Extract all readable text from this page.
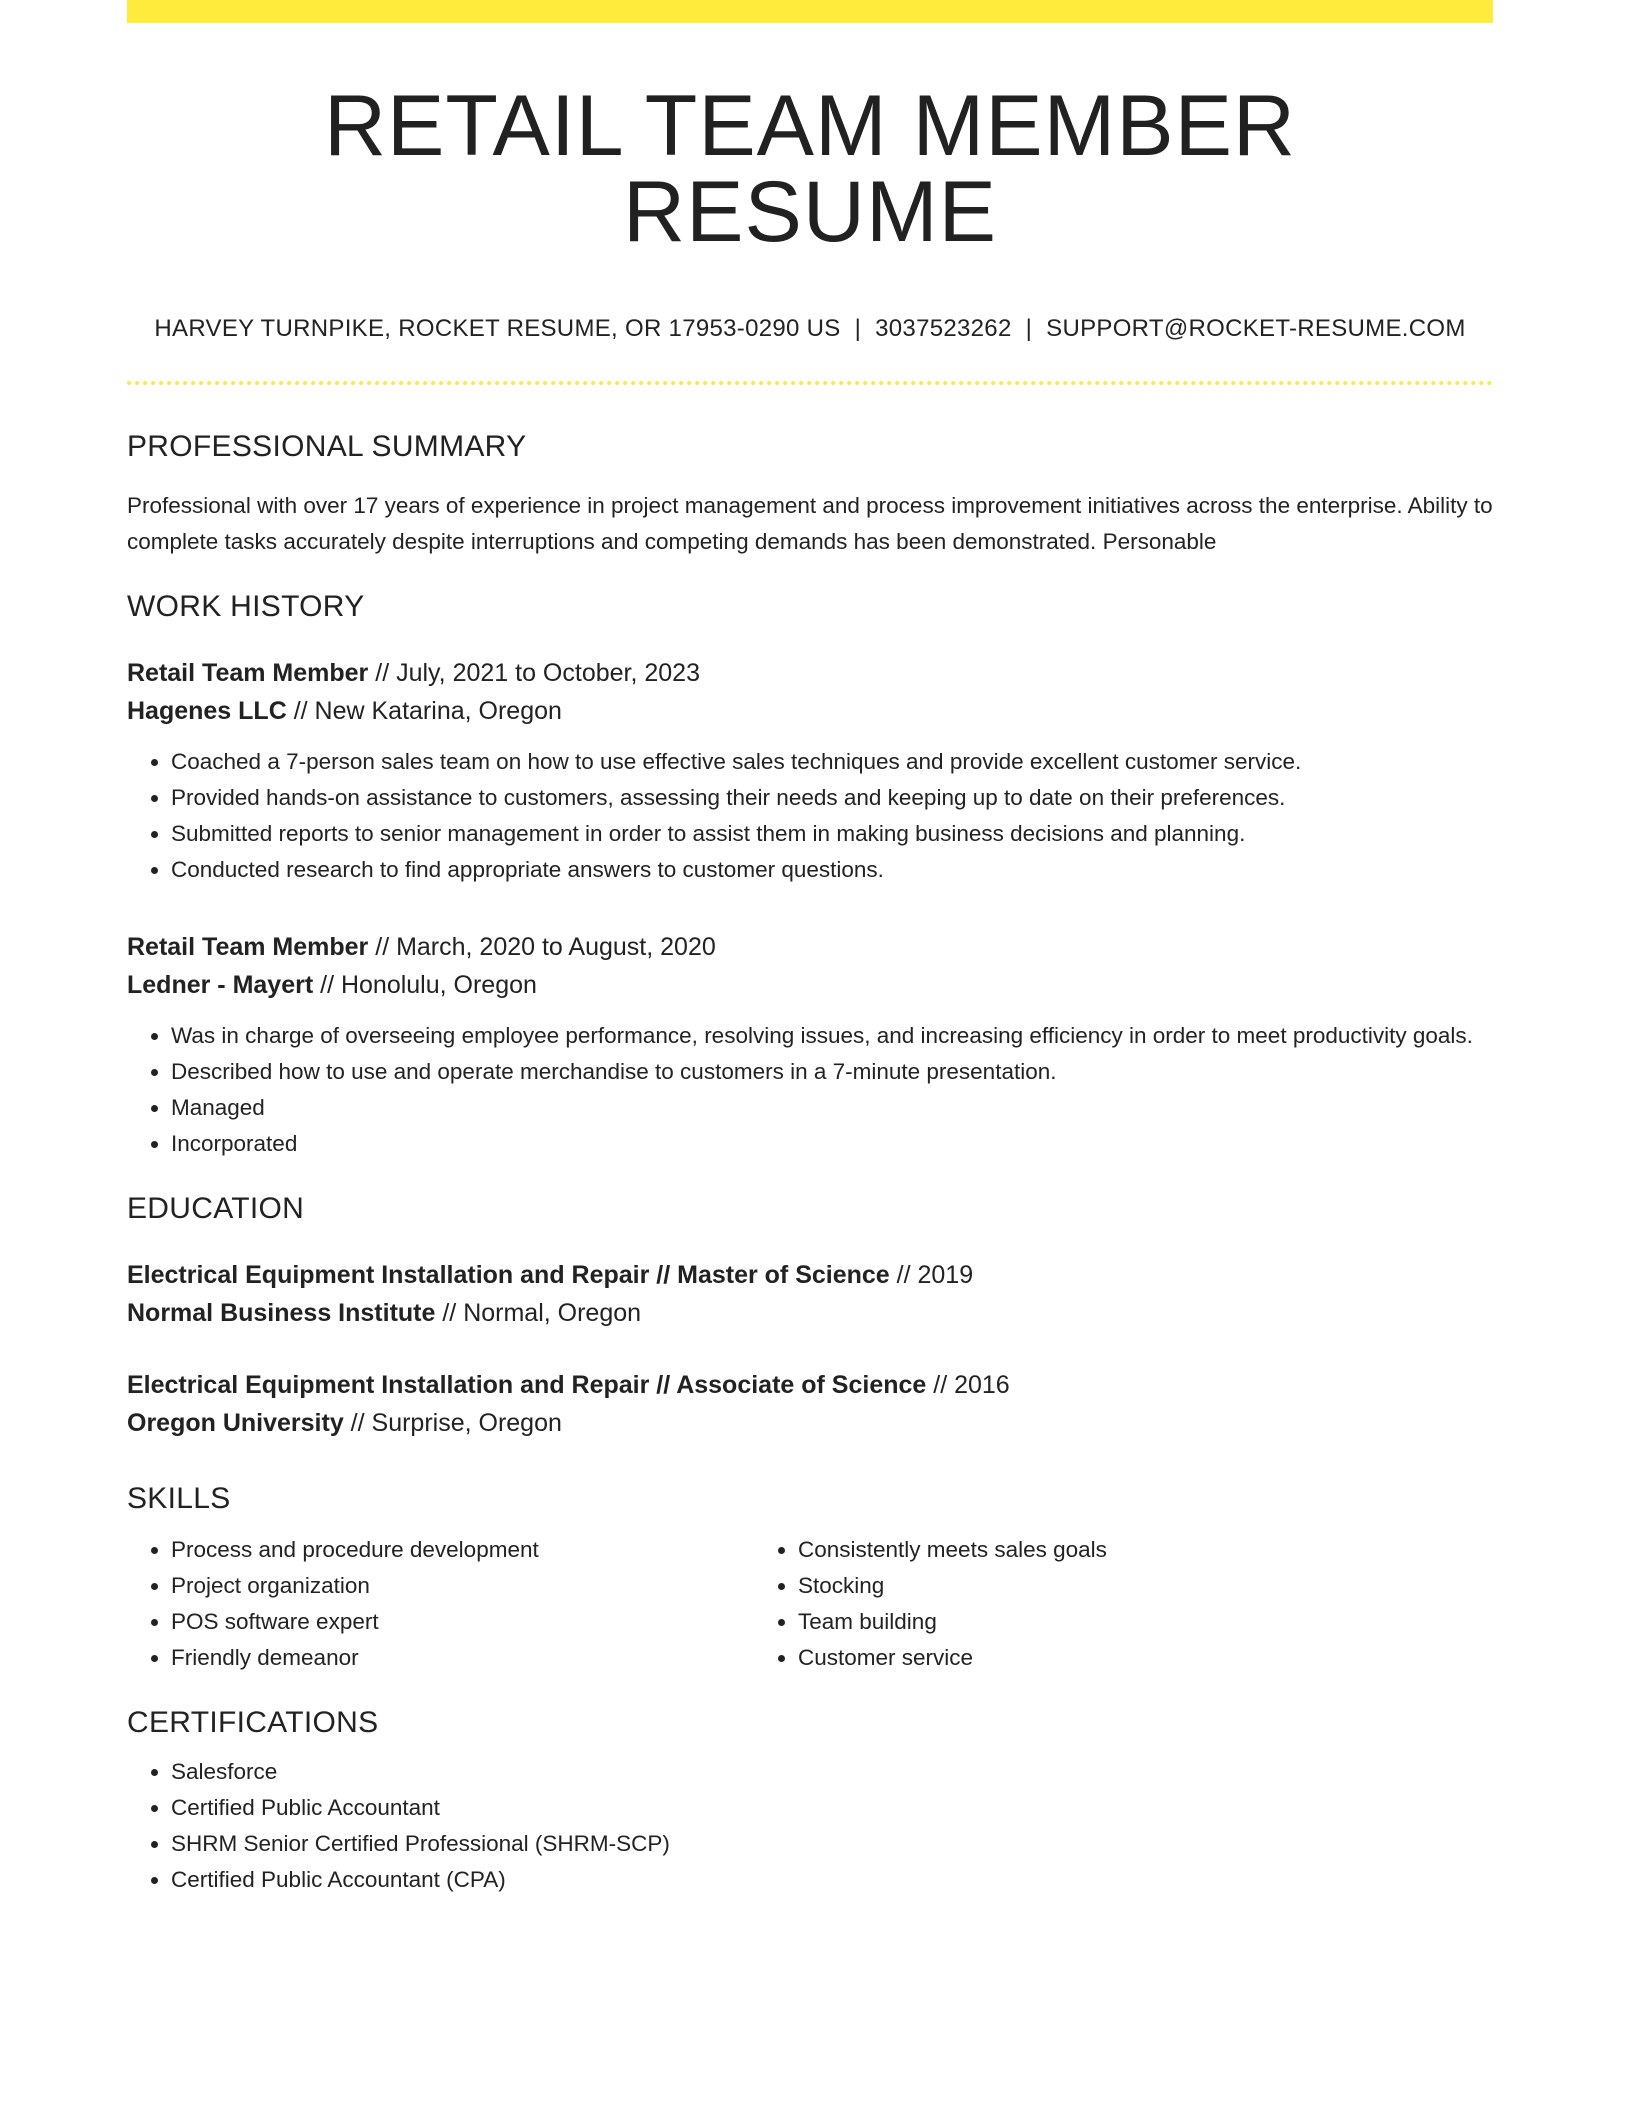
RETAIL TEAM MEMBER RESUME
HARVEY TURNPIKE, ROCKET RESUME, OR 17953-0290 US | 3037523262 | SUPPORT@ROCKET-RESUME.COM
PROFESSIONAL SUMMARY

Professional with over 17 years of experience in project management and process improvement initiatives across the enterprise. Ability to complete tasks accurately despite interruptions and competing demands has been demonstrated. Personable

WORK HISTORY
Retail Team Member // July, 2021 to October, 2023
Hagenes LLC // New Katarina, Oregon
• Coached a 7-person sales team on how to use effective sales techniques and provide excellent customer service.
• Provided hands-on assistance to customers, assessing their needs and keeping up to date on their preferences.
• Submitted reports to senior management in order to assist them in making business decisions and planning.
• Conducted research to find appropriate answers to customer questions.
Retail Team Member // March, 2020 to August, 2020
Ledner - Mayert // Honolulu, Oregon
• Was in charge of overseeing employee performance, resolving issues, and increasing efficiency in order to meet productivity goals.
• Described how to use and operate merchandise to customers in a 7-minute presentation.
• Managed
• Incorporated
EDUCATION
Electrical Equipment Installation and Repair // Master of Science // 2019
Normal Business Institute // Normal, Oregon
Electrical Equipment Installation and Repair // Associate of Science // 2016
Oregon University // Surprise, Oregon
SKILLS
• Process and procedure development
• Project organization
• POS software expert
• Friendly demeanor
• Consistently meets sales goals
• Stocking
• Team building
• Customer service
CERTIFICATIONS
• Salesforce
• Certified Public Accountant
• SHRM Senior Certified Professional (SHRM-SCP)
• Certified Public Accountant (CPA)
